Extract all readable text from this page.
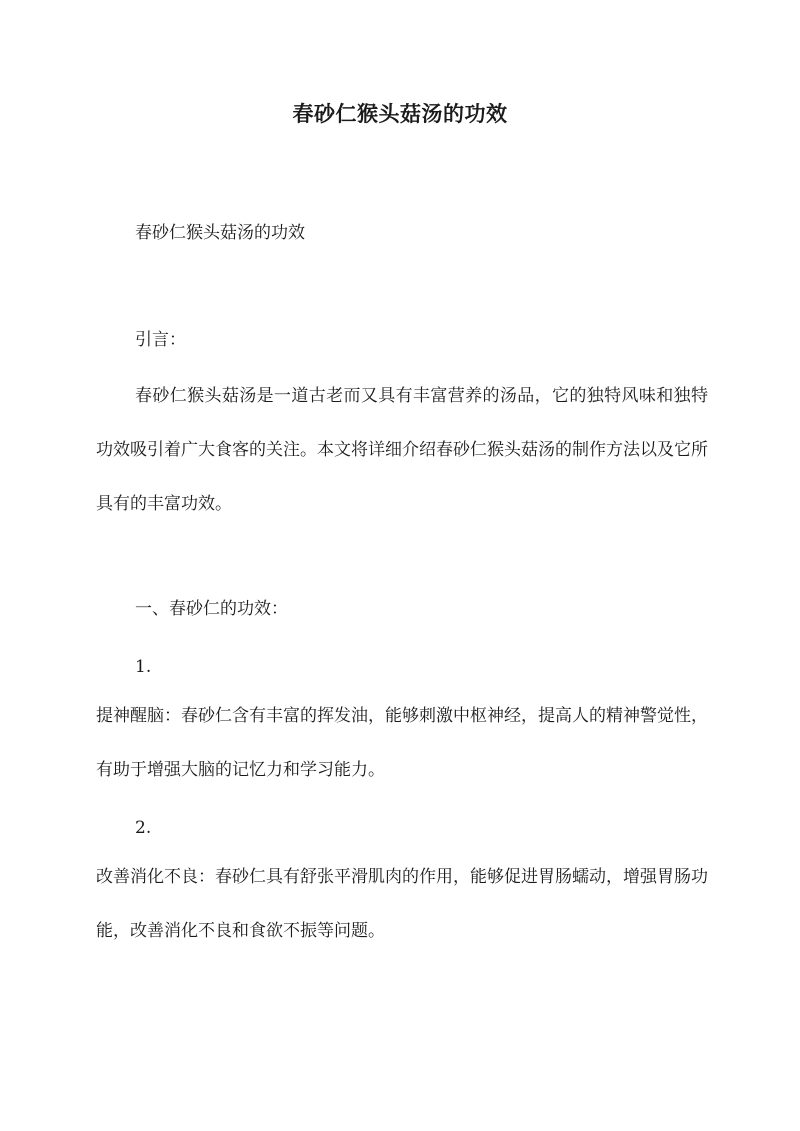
春砂仁猴头菇汤的功效
春砂仁猴头菇汤的功效
引言：
春砂仁猴头菇汤是一道古老而又具有丰富营养的汤品，它的独特风味和独特功效吸引着广大食客的关注。本文将详细介绍春砂仁猴头菇汤的制作方法以及它所具有的丰富功效。
一、春砂仁的功效：
1.
提神醒脑：春砂仁含有丰富的挥发油，能够刺激中枢神经，提高人的精神警觉性，有助于增强大脑的记忆力和学习能力。
2.
改善消化不良：春砂仁具有舒张平滑肌肉的作用，能够促进胃肠蠕动，增强胃肠功能，改善消化不良和食欲不振等问题。
